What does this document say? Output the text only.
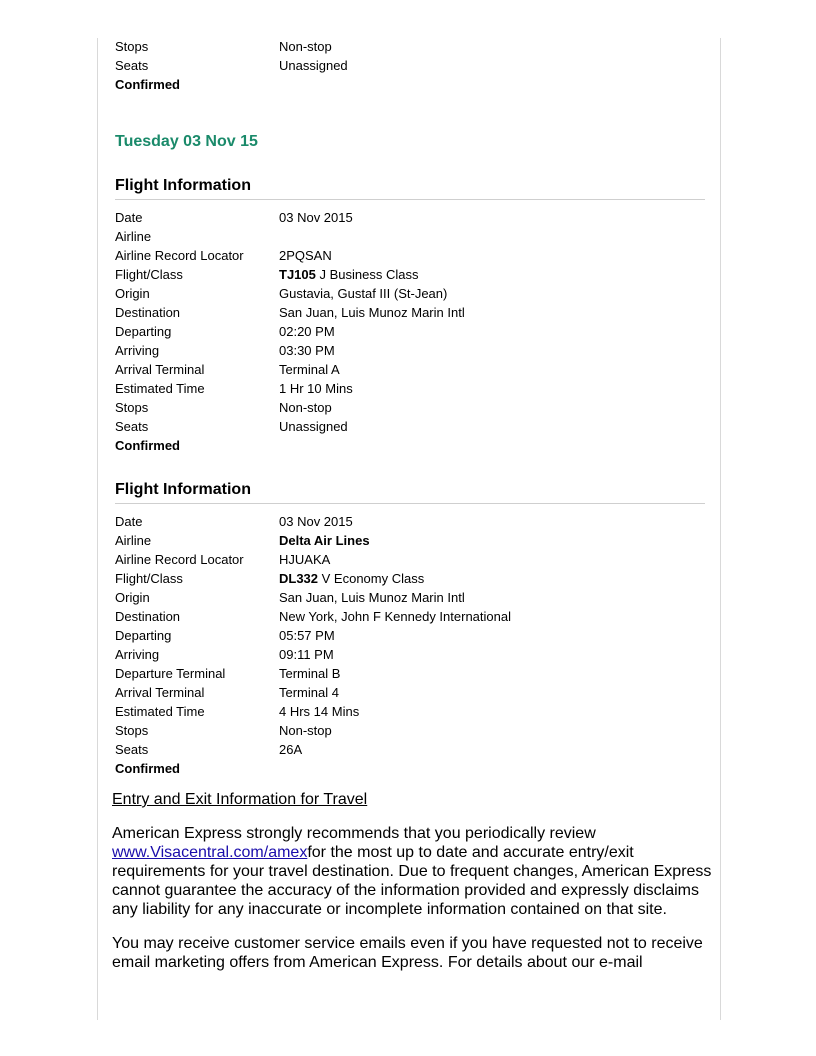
Stops	Non-stop
Seats	Unassigned
Confirmed
Tuesday 03 Nov 15
Flight Information
Date	03 Nov 2015
Airline
Airline Record Locator	2PQSAN
Flight/Class	TJ105 J Business Class
Origin	Gustavia, Gustaf III (St-Jean)
Destination	San Juan, Luis Munoz Marin Intl
Departing	02:20 PM
Arriving	03:30 PM
Arrival Terminal	Terminal A
Estimated Time	1 Hr 10 Mins
Stops	Non-stop
Seats	Unassigned
Confirmed
Flight Information
Date	03 Nov 2015
Airline	Delta Air Lines
Airline Record Locator	HJUAKA
Flight/Class	DL332 V Economy Class
Origin	San Juan, Luis Munoz Marin Intl
Destination	New York, John F Kennedy International
Departing	05:57 PM
Arriving	09:11 PM
Departure Terminal	Terminal B
Arrival Terminal	Terminal 4
Estimated Time	4 Hrs 14 Mins
Stops	Non-stop
Seats	26A
Confirmed
Entry and Exit Information for Travel

American Express strongly recommends that you periodically review www.Visacentral.com/amexfor the most up to date and accurate entry/exit requirements for your travel destination. Due to frequent changes, American Express cannot guarantee the accuracy of the information provided and expressly disclaims any liability for any inaccurate or incomplete information contained on that site.

You may receive customer service emails even if you have requested not to receive email marketing offers from American Express. For details about our e-mail
